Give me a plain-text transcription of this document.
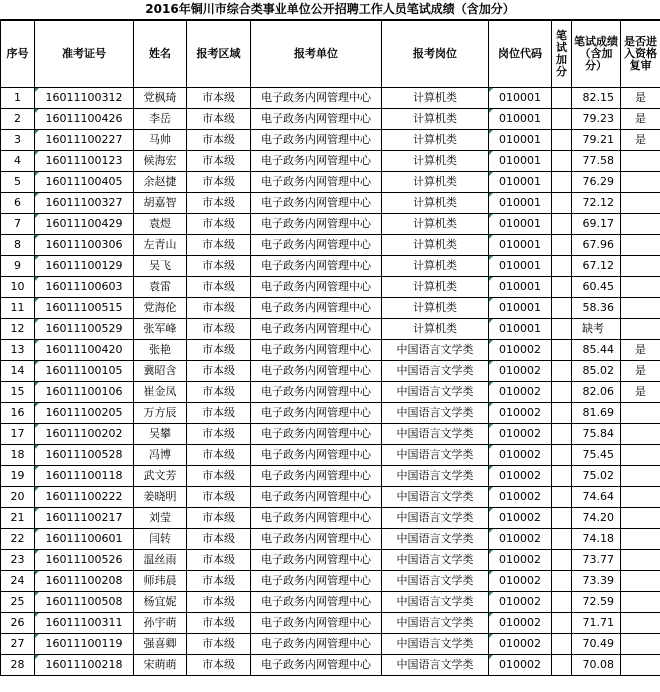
2016年铜川市综合类事业单位公开招聘工作人员笔试成绩（含加分）
序号	准考证号	姓名	报考区域	报考单位	报考岗位	岗位代码	笔试加分	笔试成绩（含加分）	是否进入资格复审
1	16011100312	党枫琦	市本级	电子政务内网管理中心	计算机类	010001		82.15	是
2	16011100426	李岳	市本级	电子政务内网管理中心	计算机类	010001		79.23	是
3	16011100227	马帅	市本级	电子政务内网管理中心	计算机类	010001		79.21	是
4	16011100123	候海宏	市本级	电子政务内网管理中心	计算机类	010001		77.58	
5	16011100405	余赵捷	市本级	电子政务内网管理中心	计算机类	010001		76.29	
6	16011100327	胡嘉智	市本级	电子政务内网管理中心	计算机类	010001		72.12	
7	16011100429	袁煜	市本级	电子政务内网管理中心	计算机类	010001		69.17	
8	16011100306	左青山	市本级	电子政务内网管理中心	计算机类	010001		67.96	
9	16011100129	吴飞	市本级	电子政务内网管理中心	计算机类	010001		67.12	
10	16011100603	袁雷	市本级	电子政务内网管理中心	计算机类	010001		60.45	
11	16011100515	党海伦	市本级	电子政务内网管理中心	计算机类	010001		58.36	
12	16011100529	张军峰	市本级	电子政务内网管理中心	计算机类	010001		缺考	
13	16011100420	张艳	市本级	电子政务内网管理中心	中国语言文学类	010002		85.44	是
14	16011100105	冀昭含	市本级	电子政务内网管理中心	中国语言文学类	010002		85.02	是
15	16011100106	崔金凤	市本级	电子政务内网管理中心	中国语言文学类	010002		82.06	是
16	16011100205	万方辰	市本级	电子政务内网管理中心	中国语言文学类	010002		81.69	
17	16011100202	吴攀	市本级	电子政务内网管理中心	中国语言文学类	010002		75.84	
18	16011100528	冯博	市本级	电子政务内网管理中心	中国语言文学类	010002		75.45	
19	16011100118	武文芳	市本级	电子政务内网管理中心	中国语言文学类	010002		75.02	
20	16011100222	姜晓明	市本级	电子政务内网管理中心	中国语言文学类	010002		74.64	
21	16011100217	刘莹	市本级	电子政务内网管理中心	中国语言文学类	010002		74.20	
22	16011100601	闫转	市本级	电子政务内网管理中心	中国语言文学类	010002		74.18	
23	16011100526	温丝雨	市本级	电子政务内网管理中心	中国语言文学类	010002		73.77	
24	16011100208	师玮晨	市本级	电子政务内网管理中心	中国语言文学类	010002		73.39	
25	16011100508	杨宜妮	市本级	电子政务内网管理中心	中国语言文学类	010002		72.59	
26	16011100311	孙宇萌	市本级	电子政务内网管理中心	中国语言文学类	010002		71.71	
27	16011100119	强喜卿	市本级	电子政务内网管理中心	中国语言文学类	010002		70.49	
28	16011100218	宋萌萌	市本级	电子政务内网管理中心	中国语言文学类	010002		70.08	
